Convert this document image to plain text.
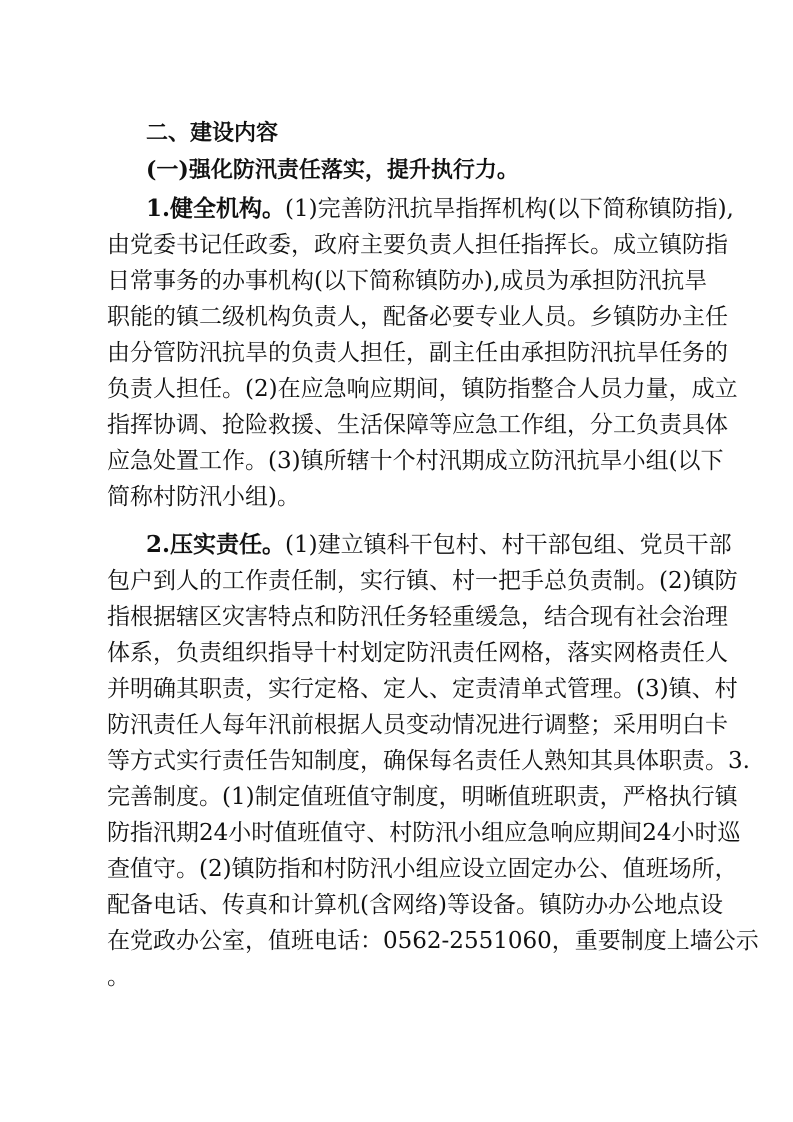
二、建设内容
(一)强化防汛责任落实，提升执行力。
1.健全机构。(1)完善防汛抗旱指挥机构(以下简称镇防指),
由党委书记任政委，政府主要负责人担任指挥长。成立镇防指
日常事务的办事机构(以下简称镇防办),成员为承担防汛抗旱
职能的镇二级机构负责人，配备必要专业人员。乡镇防办主任
由分管防汛抗旱的负责人担任，副主任由承担防汛抗旱任务的
负责人担任。(2)在应急响应期间，镇防指整合人员力量，成立
指挥协调、抢险救援、生活保障等应急工作组，分工负责具体
应急处置工作。(3)镇所辖十个村汛期成立防汛抗旱小组(以下
简称村防汛小组)。
2.压实责任。(1)建立镇科干包村、村干部包组、党员干部
包户到人的工作责任制，实行镇、村一把手总负责制。(2)镇防
指根据辖区灾害特点和防汛任务轻重缓急，结合现有社会治理
体系，负责组织指导十村划定防汛责任网格，落实网格责任人
并明确其职责，实行定格、定人、定责清单式管理。(3)镇、村
防汛责任人每年汛前根据人员变动情况进行调整；采用明白卡
等方式实行责任告知制度，确保每名责任人熟知其具体职责。3.
完善制度。(1)制定值班值守制度，明晰值班职责，严格执行镇
防指汛期24小时值班值守、村防汛小组应急响应期间24小时巡
查值守。(2)镇防指和村防汛小组应设立固定办公、值班场所，
配备电话、传真和计算机(含网络)等设备。镇防办办公地点设
在党政办公室，值班电话：0562-2551060，重要制度上墙公示
。
